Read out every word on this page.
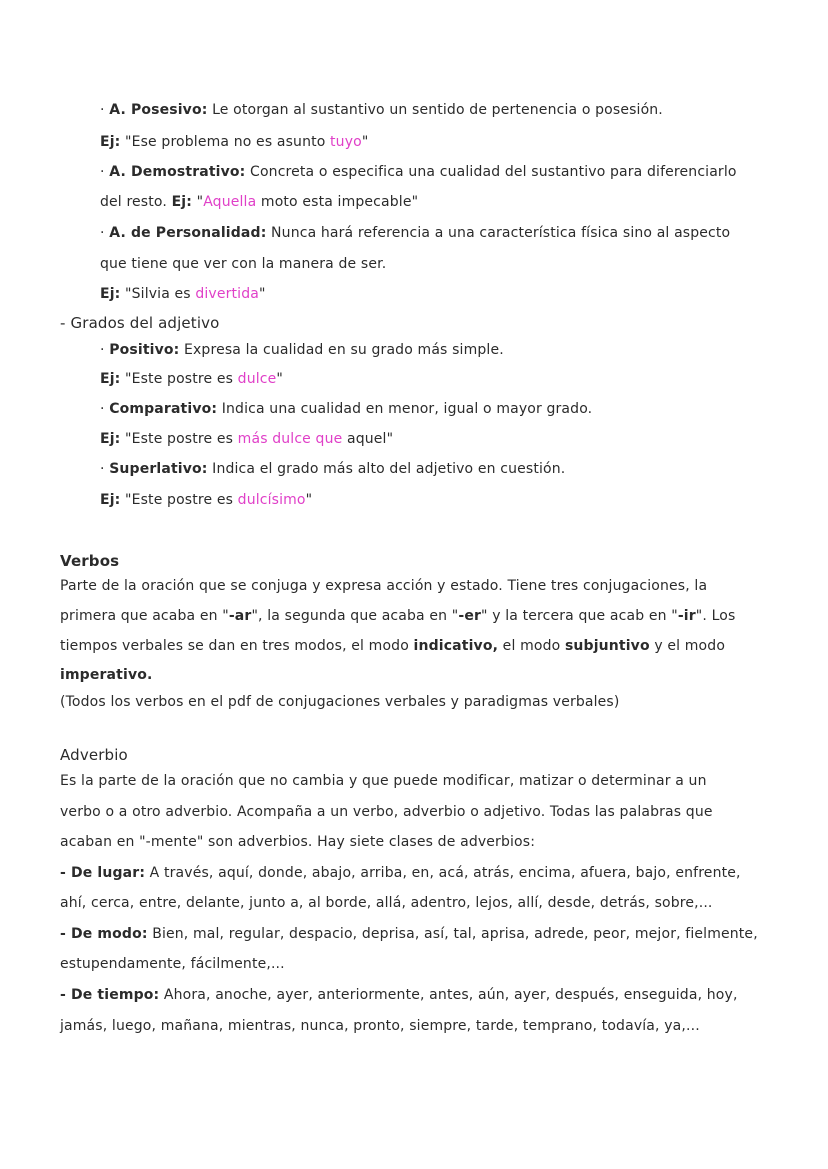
· A. Posesivo: Le otorgan al sustantivo un sentido de pertenencia o posesión.
Ej: "Ese problema no es asunto tuyo"
· A. Demostrativo: Concreta o especifica una cualidad del sustantivo para diferenciarlo
del resto. Ej: "Aquella moto esta impecable"
· A. de Personalidad: Nunca hará referencia a una característica física sino al aspecto
que tiene que ver con la manera de ser.
Ej: "Silvia es divertida"
- Grados del adjetivo
· Positivo: Expresa la cualidad en su grado más simple.
Ej: "Este postre es dulce"
· Comparativo: Indica una cualidad en menor, igual o mayor grado.
Ej: "Este postre es más dulce que aquel"
· Superlativo: Indica el grado más alto del adjetivo en cuestión.
Ej: "Este postre es dulcísimo"
Verbos
Parte de la oración que se conjuga y expresa acción y estado. Tiene tres conjugaciones, la
primera que acaba en "-ar", la segunda que acaba en "-er" y la tercera que acab en "-ir". Los
tiempos verbales se dan en tres modos, el modo indicativo, el modo subjuntivo y el modo
imperativo.
(Todos los verbos en el pdf de conjugaciones verbales y paradigmas verbales)
Adverbio
Es la parte de la oración que no cambia y que puede modificar, matizar o determinar a un
verbo o a otro adverbio. Acompaña a un verbo, adverbio o adjetivo. Todas las palabras que
acaban en "-mente" son adverbios. Hay siete clases de adverbios:
- De lugar: A través, aquí, donde, abajo, arriba, en, acá, atrás, encima, afuera, bajo, enfrente,
ahí, cerca, entre, delante, junto a, al borde, allá, adentro, lejos, allí, desde, detrás, sobre,...
- De modo: Bien, mal, regular, despacio, deprisa, así, tal, aprisa, adrede, peor, mejor, fielmente,
estupendamente, fácilmente,...
- De tiempo: Ahora, anoche, ayer, anteriormente, antes, aún, ayer, después, enseguida, hoy,
jamás, luego, mañana, mientras, nunca, pronto, siempre, tarde, temprano, todavía, ya,...
